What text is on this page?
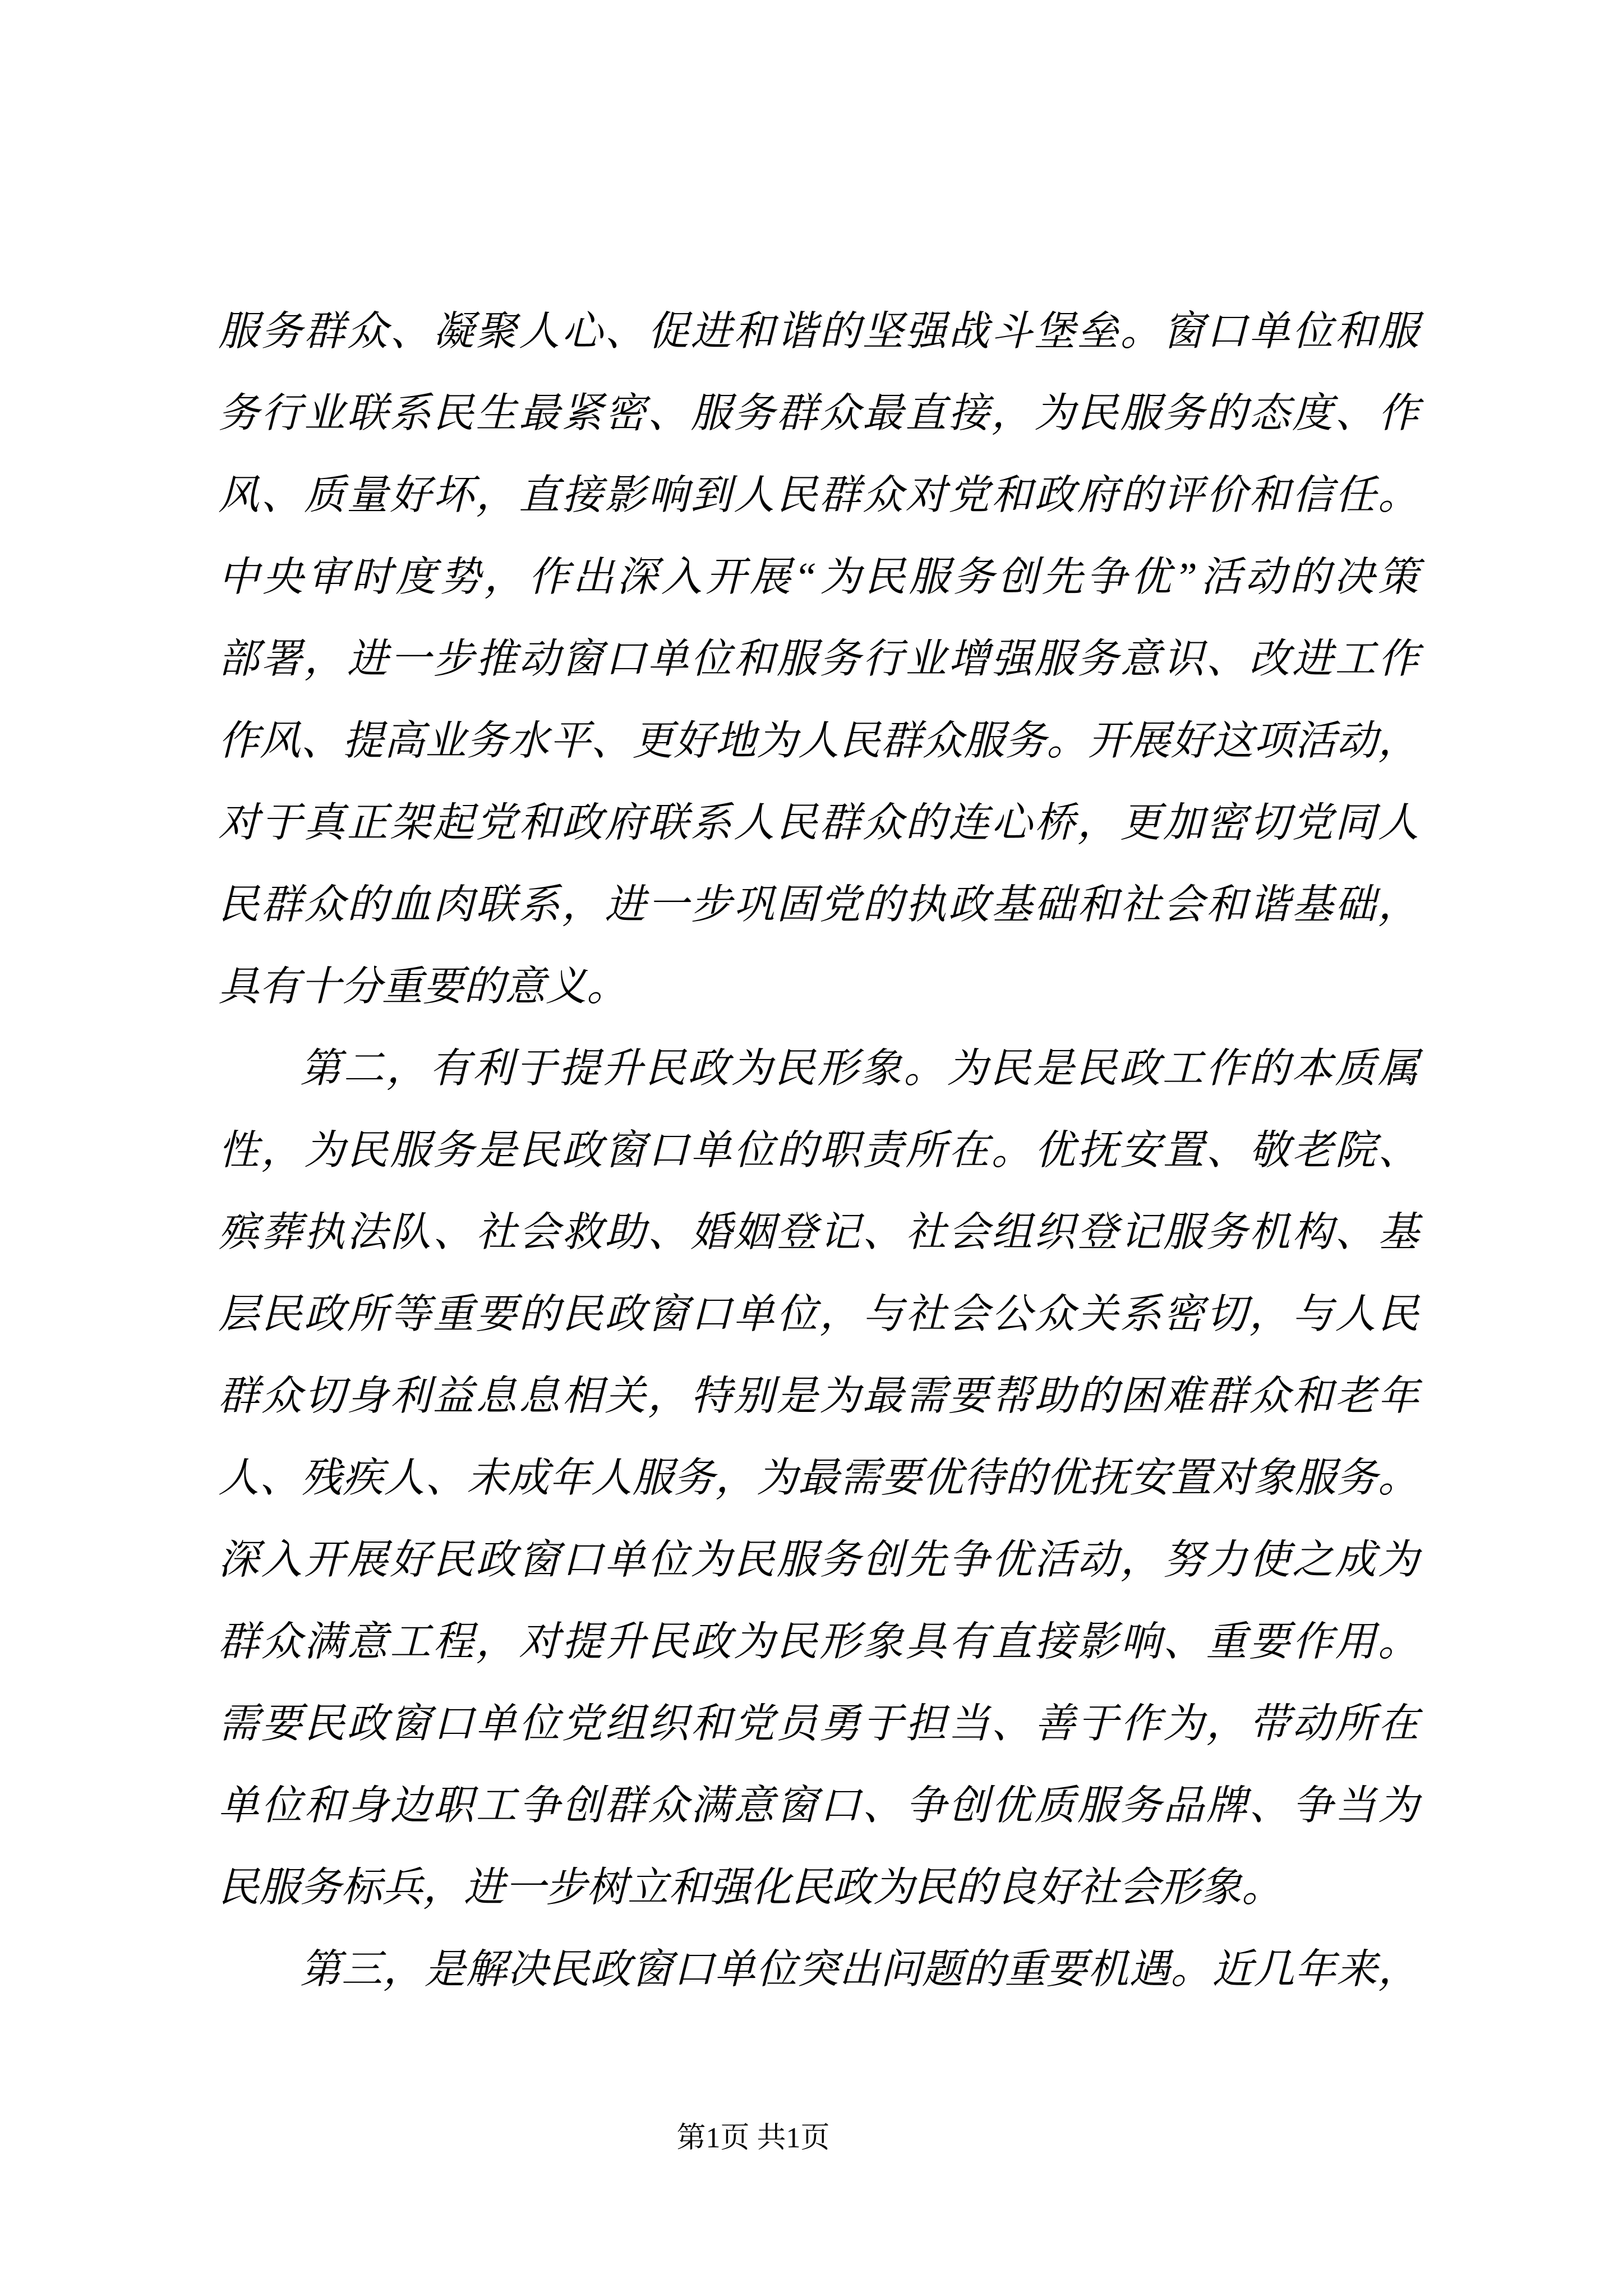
服务群众、凝聚人心、促进和谐的坚强战斗堡垒。窗口单位和服
务行业联系民生最紧密、服务群众最直接，为民服务的态度、作
风、质量好坏，直接影响到人民群众对党和政府的评价和信任。
中央审时度势，作出深入开展“为民服务创先争优”活动的决策
部署，进一步推动窗口单位和服务行业增强服务意识、改进工作
作风、提高业务水平、更好地为人民群众服务。开展好这项活动，
对于真正架起党和政府联系人民群众的连心桥，更加密切党同人
民群众的血肉联系，进一步巩固党的执政基础和社会和谐基础，
具有十分重要的意义。
第二，有利于提升民政为民形象。为民是民政工作的本质属
性，为民服务是民政窗口单位的职责所在。优抚安置、敬老院、
殡葬执法队、社会救助、婚姻登记、社会组织登记服务机构、基
层民政所等重要的民政窗口单位，与社会公众关系密切，与人民
群众切身利益息息相关，特别是为最需要帮助的困难群众和老年
人、残疾人、未成年人服务，为最需要优待的优抚安置对象服务。
深入开展好民政窗口单位为民服务创先争优活动，努力使之成为
群众满意工程，对提升民政为民形象具有直接影响、重要作用。
需要民政窗口单位党组织和党员勇于担当、善于作为，带动所在
单位和身边职工争创群众满意窗口、争创优质服务品牌、争当为
民服务标兵，进一步树立和强化民政为民的良好社会形象。
第三，是解决民政窗口单位突出问题的重要机遇。近几年来，
第1页 共1页
